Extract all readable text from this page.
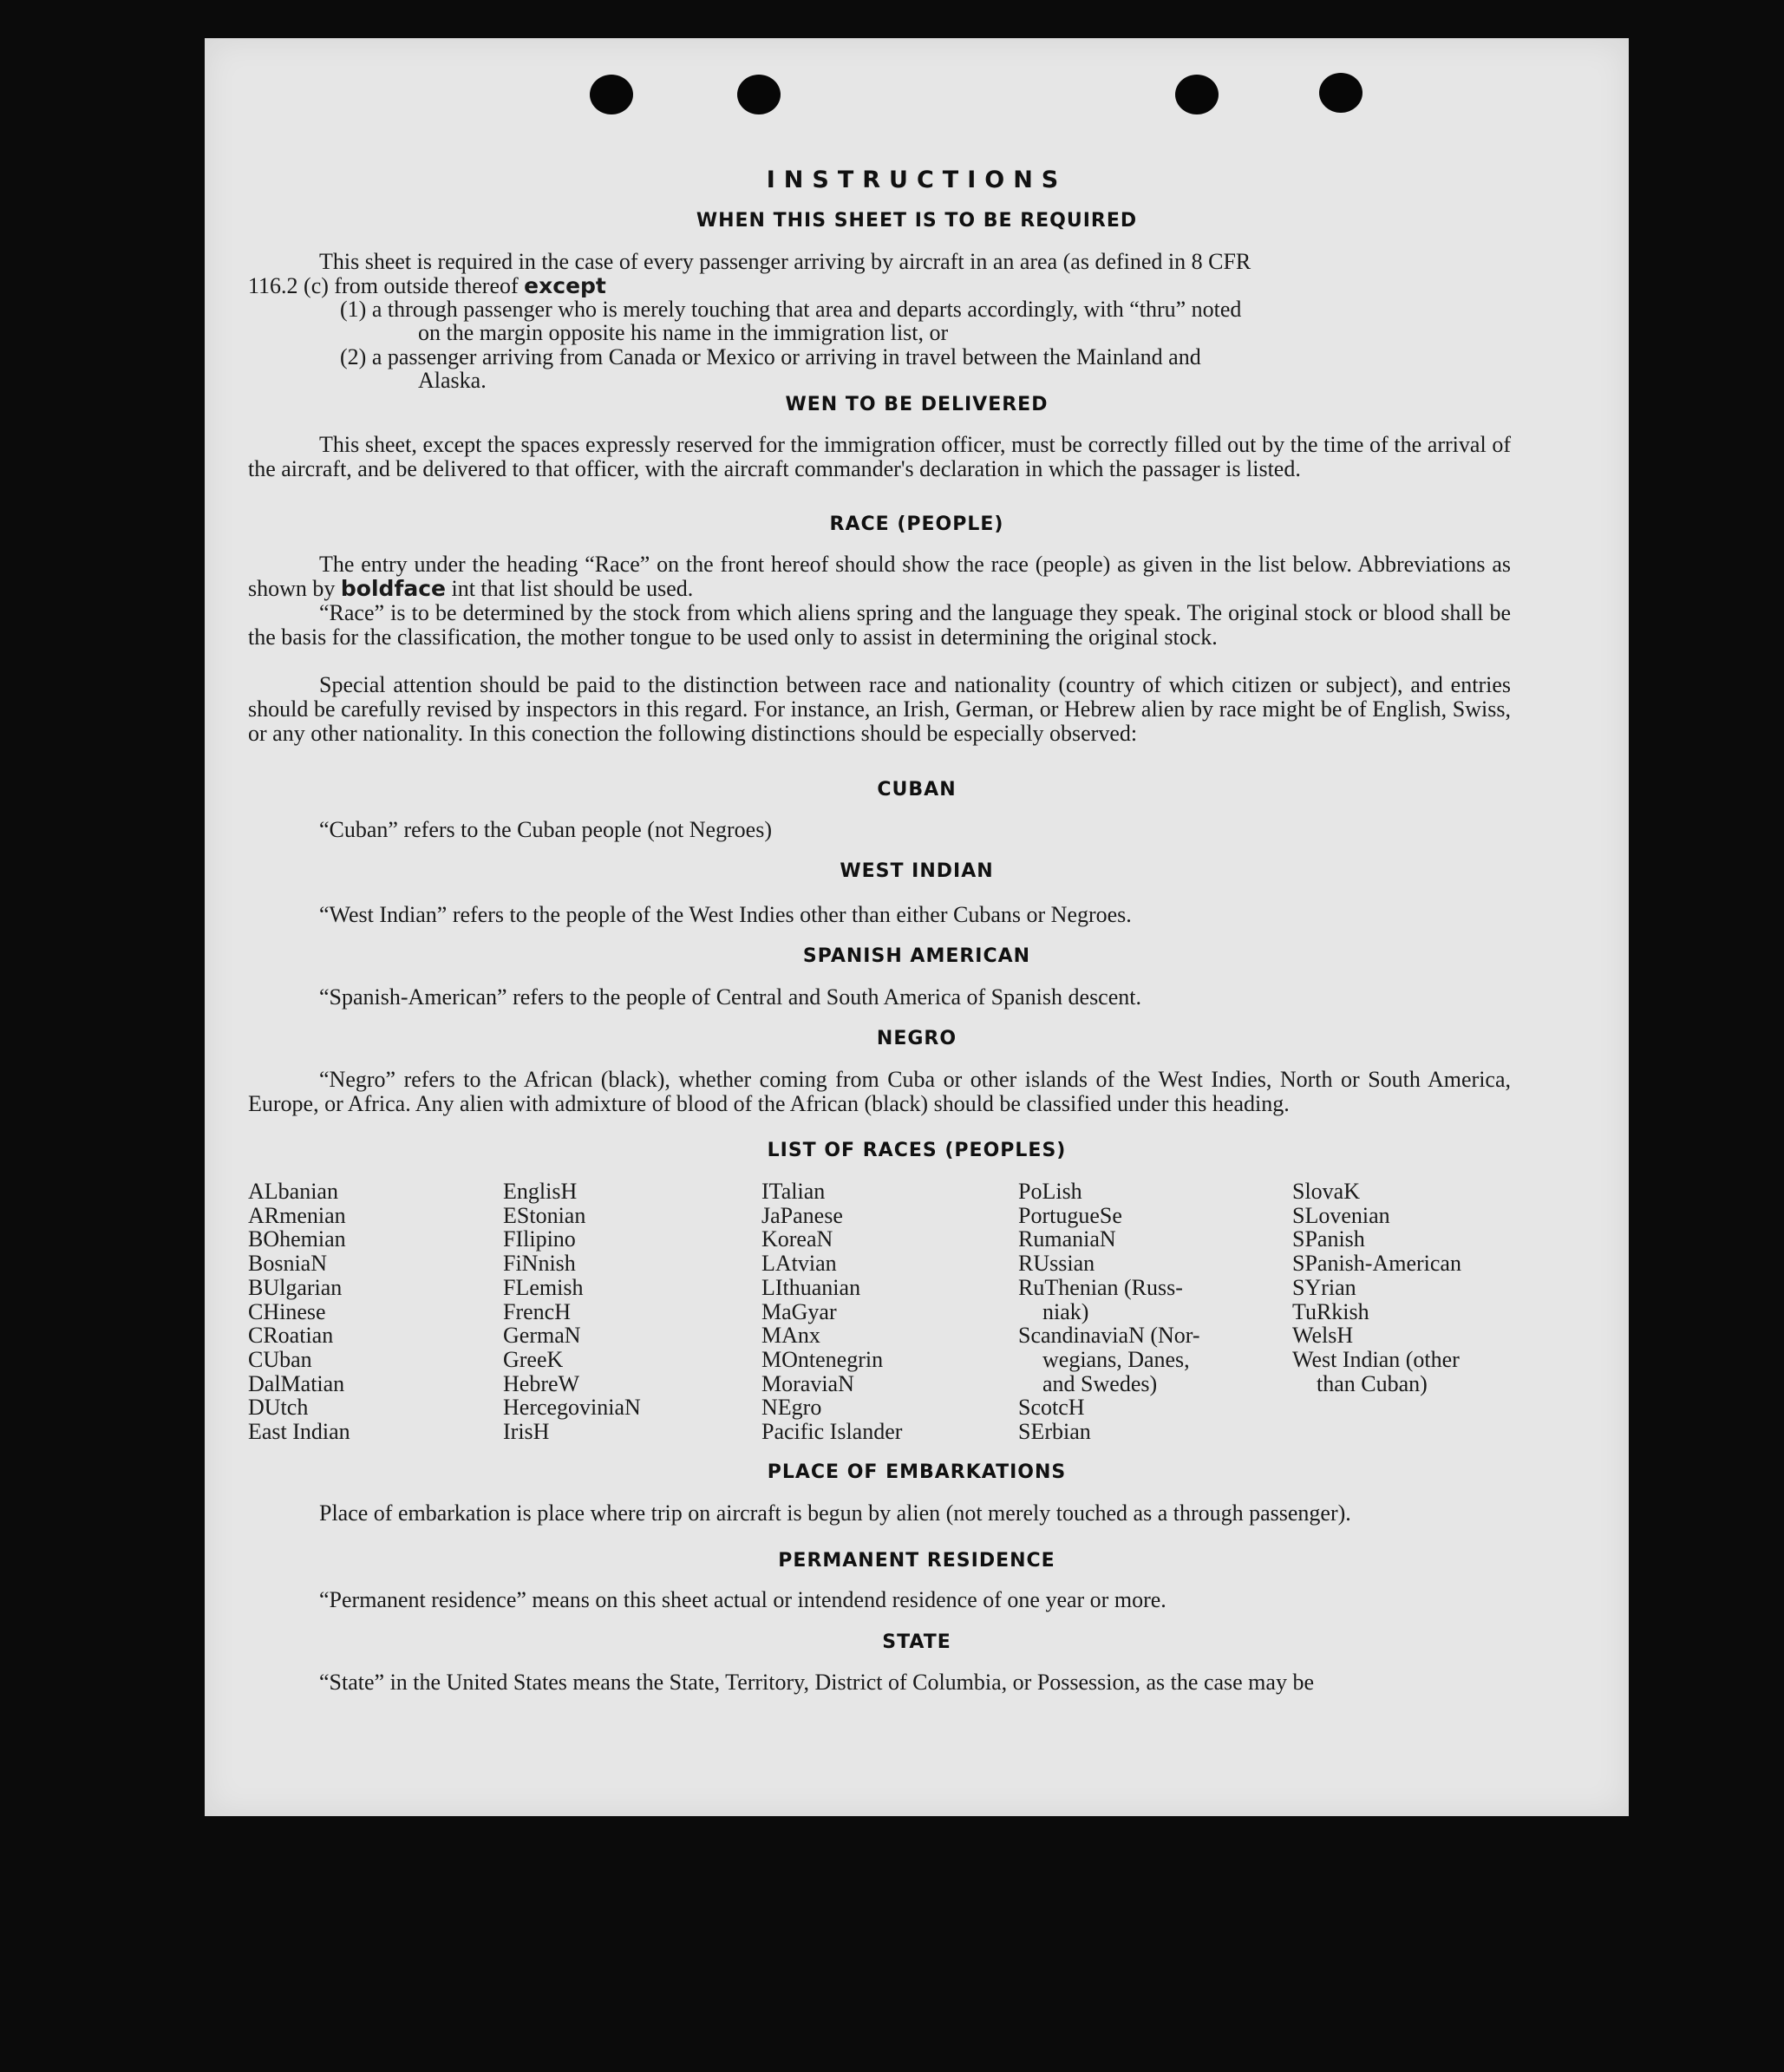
INSTRUCTIONS
WHEN THIS SHEET IS TO BE REQUIRED
This sheet is required in the case of every passenger arriving by aircraft in an area (as defined in 8 CFR
116.2 (c) from outside thereof except
(1) a through passenger who is merely touching that area and departs accordingly, with “thru” noted
on the margin opposite his name in the immigration list, or
(2) a passenger arriving from Canada or Mexico or arriving in travel between the Mainland and
Alaska.
WEN TO BE DELIVERED
This sheet, except the spaces expressly reserved for the immigration officer, must be correctly filled out by the time of the arrival of the aircraft, and be delivered to that officer, with the aircraft commander's declaration in which the passager is listed.
RACE (PEOPLE)
The entry under the heading “Race” on the front hereof should show the race (people) as given in the list below. Abbreviations as shown by boldface int that list should be used.
“Race” is to be determined by the stock from which aliens spring and the language they speak. The original stock or blood shall be the basis for the classification, the mother tongue to be used only to assist in determining the original stock.
Special attention should be paid to the distinction between race and nationality (country of which citizen or subject), and entries should be carefully revised by inspectors in this regard. For instance, an Irish, German, or Hebrew alien by race might be of English, Swiss, or any other nationality. In this conection the following distinctions should be especially observed:
CUBAN
“Cuban” refers to the Cuban people (not Negroes)
WEST INDIAN
“West Indian” refers to the people of the West Indies other than either Cubans or Negroes.
SPANISH AMERICAN
“Spanish-American” refers to the people of Central and South America of Spanish descent.
NEGRO
“Negro” refers to the African (black), whether coming from Cuba or other islands of the West Indies, North or South America, Europe, or Africa. Any alien with admixture of blood of the African (black) should be classified under this heading.
LIST OF RACES (PEOPLES)
ALbanian
ARmenian
BOhemian
BosniaN
BUlgarian
CHinese
CRoatian
CUban
DalMatian
DUtch
East Indian
EnglisH
EStonian
FIlipino
FiNnish
FLemish
FrencH
GermaN
GreeK
HebreW
HercegoviniaN
IrisH
ITalian
JaPanese
KoreaN
LAtvian
LIthuanian
MaGyar
MAnx
MOntenegrin
MoraviaN
NEgro
Pacific Islander
PoLish
PortugueSe
RumaniaN
RUssian
RuThenian (Russ-
niak)
ScandinaviaN (Nor-
wegians, Danes,
and Swedes)
ScotcH
SErbian
SlovaK
SLovenian
SPanish
SPanish-American
SYrian
TuRkish
WelsH
West Indian (other
than Cuban)
PLACE OF EMBARKATIONS
Place of embarkation is place where trip on aircraft is begun by alien (not merely touched as a through passenger).
PERMANENT RESIDENCE
“Permanent residence” means on this sheet actual or intendend residence of one year or more.
STATE
“State” in the United States means the State, Territory, District of Columbia, or Possession, as the case may be
